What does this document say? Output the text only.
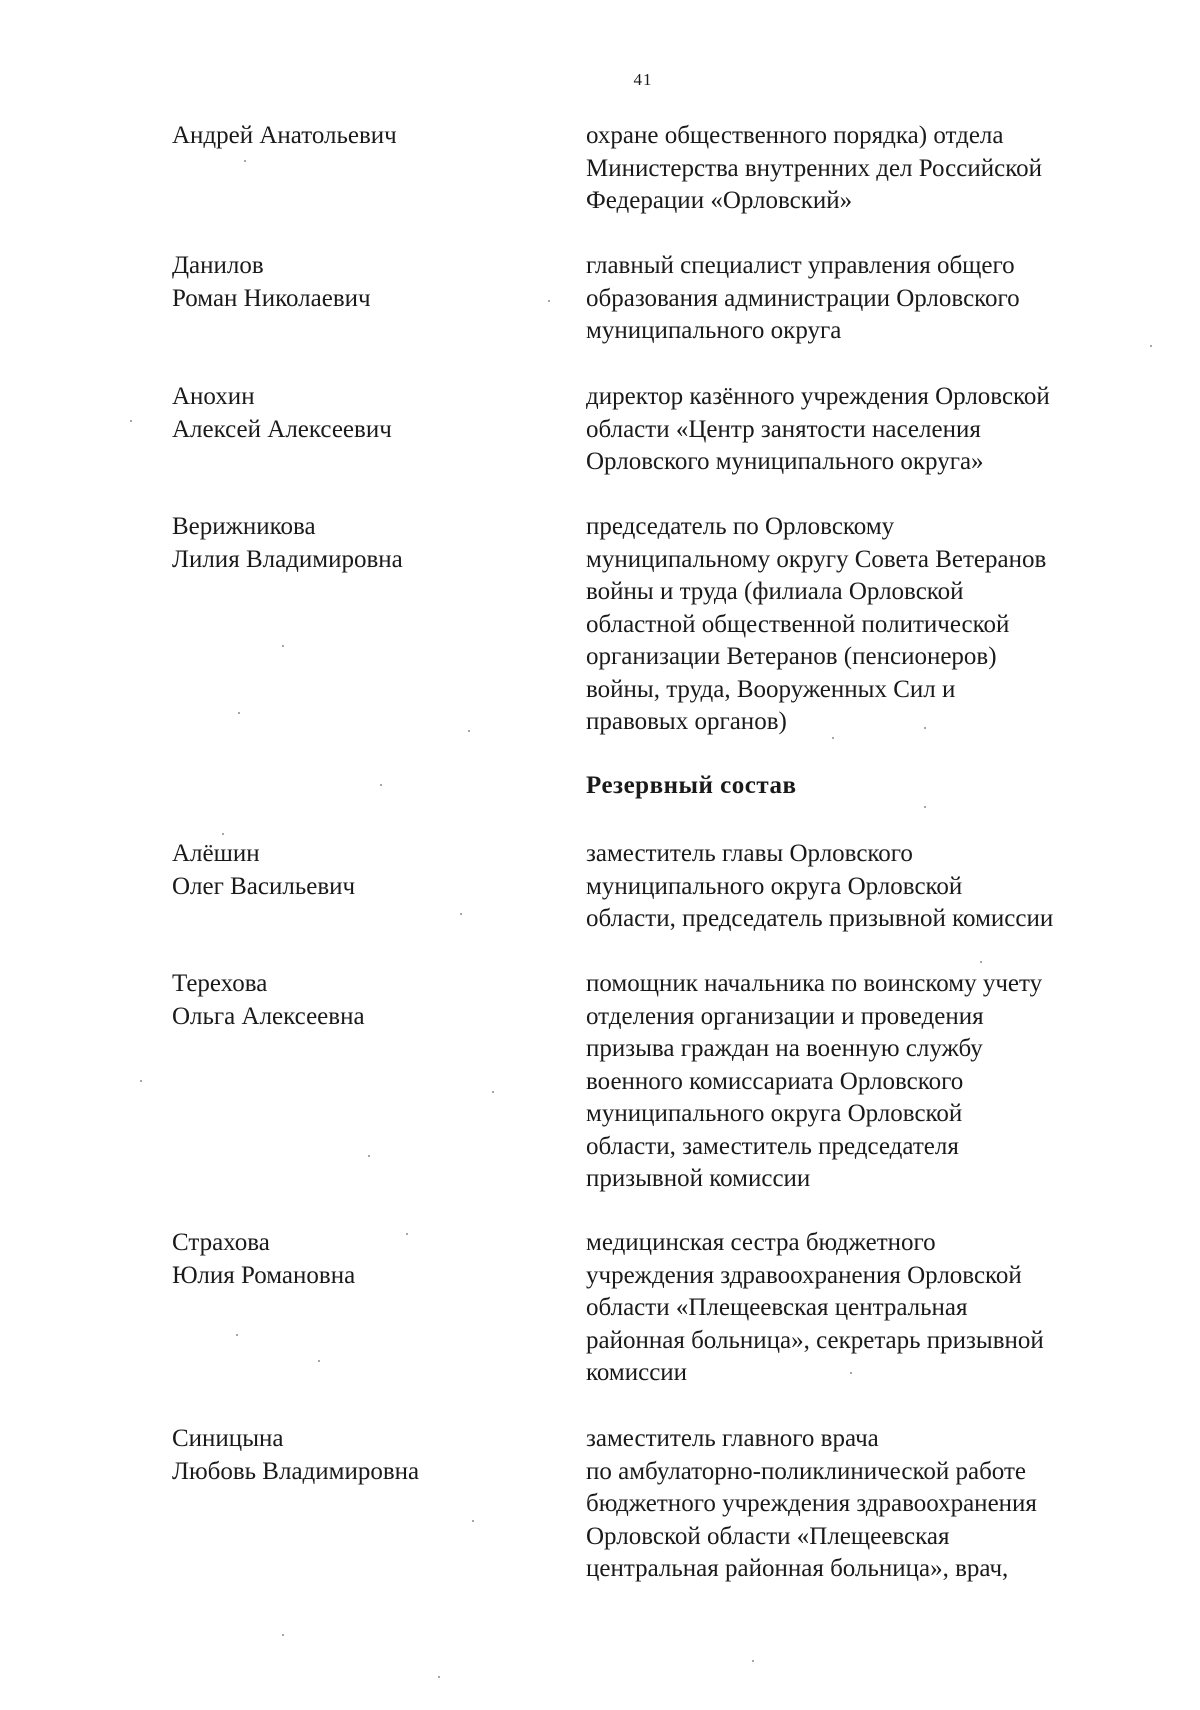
41
Андрей Анатольевич	охране общественного порядка) отдела
Министерства внутренних дел Российской
Федерации «Орловский»
Данилов
Роман Николаевич
главный специалист управления общего
образования администрации Орловского
муниципального округа
Анохин
Алексей Алексеевич
директор казённого учреждения Орловской
области «Центр занятости населения
Орловского муниципального округа»
Верижникова
Лилия Владимировна
председатель по Орловскому
муниципальному округу Совета Ветеранов
войны и труда (филиала Орловской
областной общественной политической
организации Ветеранов (пенсионеров)
войны, труда, Вооруженных Сил и
правовых органов)
Резервный состав
Алёшин
Олег Васильевич
заместитель главы Орловского
муниципального округа Орловской
области, председатель призывной комиссии
Терехова
Ольга Алексеевна
помощник начальника по воинскому учету
отделения организации и проведения
призыва граждан на военную службу
военного комиссариата Орловского
муниципального округа Орловской
области, заместитель председателя
призывной комиссии
Страхова
Юлия Романовна
медицинская сестра бюджетного
учреждения здравоохранения Орловской
области «Плещеевская центральная
районная больница», секретарь призывной
комиссии
Синицына
Любовь Владимировна
заместитель главного врача
по амбулаторно-поликлинической работе
бюджетного учреждения здравоохранения
Орловской области «Плещеевская
центральная районная больница», врач,
